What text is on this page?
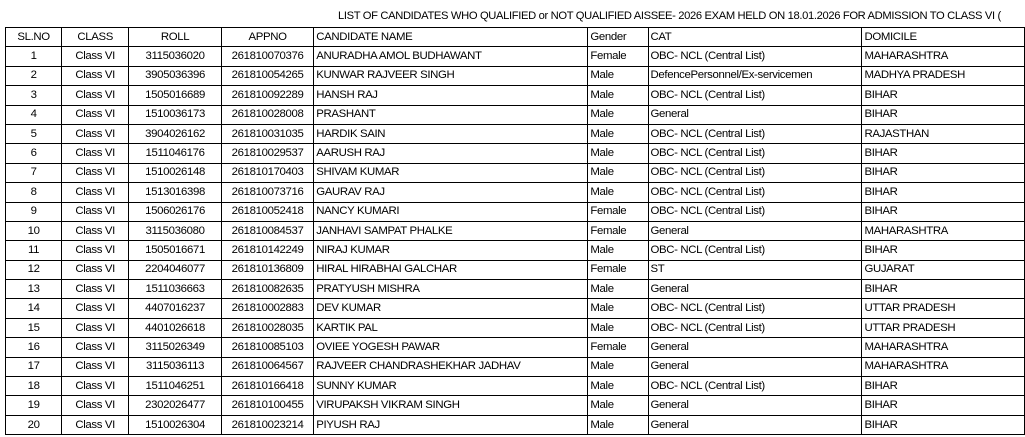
LIST OF CANDIDATES WHO QUALIFIED or NOT QUALIFIED AISSEE- 2026 EXAM HELD ON 18.01.2026 FOR ADMISSION TO CLASS VI (
SL.NO	CLASS	ROLL	APPNO	CANDIDATE NAME	Gender	CAT	DOMICILE
1	Class VI	3115036020	261810070376	ANURADHA AMOL BUDHAWANT	Female	OBC- NCL (Central List)	MAHARASHTRA
2	Class VI	3905036396	261810054265	KUNWAR RAJVEER SINGH	Male	DefencePersonnel/Ex-servicemen	MADHYA PRADESH
3	Class VI	1505016689	261810092289	HANSH RAJ	Male	OBC- NCL (Central List)	BIHAR
4	Class VI	1510036173	261810028008	PRASHANT	Male	General	BIHAR
5	Class VI	3904026162	261810031035	HARDIK SAIN	Male	OBC- NCL (Central List)	RAJASTHAN
6	Class VI	1511046176	261810029537	AARUSH RAJ	Male	OBC- NCL (Central List)	BIHAR
7	Class VI	1510026148	261810170403	SHIVAM KUMAR	Male	OBC- NCL (Central List)	BIHAR
8	Class VI	1513016398	261810073716	GAURAV RAJ	Male	OBC- NCL (Central List)	BIHAR
9	Class VI	1506026176	261810052418	NANCY KUMARI	Female	OBC- NCL (Central List)	BIHAR
10	Class VI	3115036080	261810084537	JANHAVI SAMPAT PHALKE	Female	General	MAHARASHTRA
11	Class VI	1505016671	261810142249	NIRAJ KUMAR	Male	OBC- NCL (Central List)	BIHAR
12	Class VI	2204046077	261810136809	HIRAL HIRABHAI GALCHAR	Female	ST	GUJARAT
13	Class VI	1511036663	261810082635	PRATYUSH MISHRA	Male	General	BIHAR
14	Class VI	4407016237	261810002883	DEV KUMAR	Male	OBC- NCL (Central List)	UTTAR PRADESH
15	Class VI	4401026618	261810028035	KARTIK PAL	Male	OBC- NCL (Central List)	UTTAR PRADESH
16	Class VI	3115026349	261810085103	OVIEE YOGESH PAWAR	Female	General	MAHARASHTRA
17	Class VI	3115036113	261810064567	RAJVEER CHANDRASHEKHAR JADHAV	Male	General	MAHARASHTRA
18	Class VI	1511046251	261810166418	SUNNY KUMAR	Male	OBC- NCL (Central List)	BIHAR
19	Class VI	2302026477	261810100455	VIRUPAKSH VIKRAM SINGH	Male	General	BIHAR
20	Class VI	1510026304	261810023214	PIYUSH RAJ	Male	General	BIHAR
